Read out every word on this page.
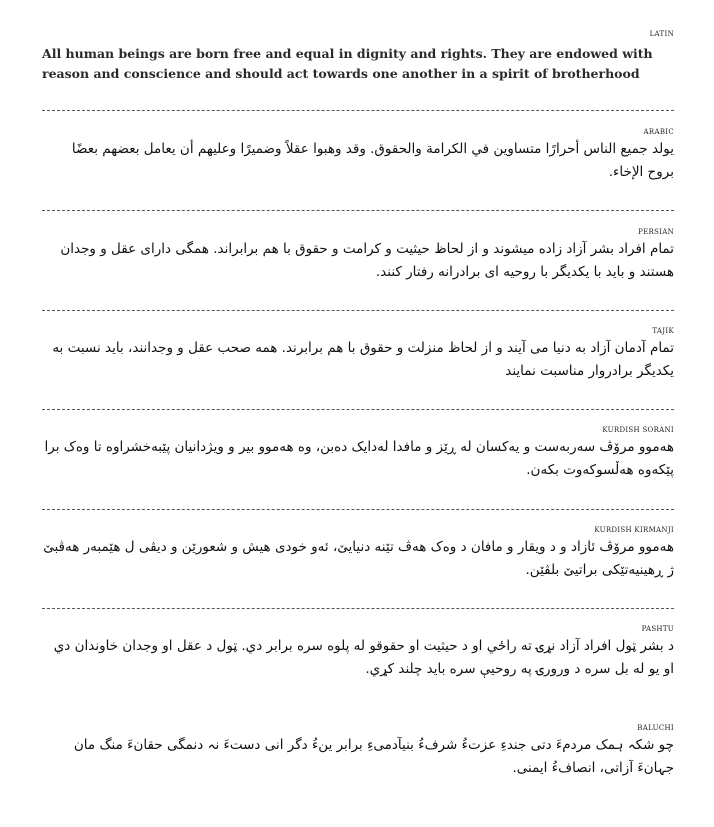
LATIN
All human beings are born free and equal in dignity and rights. They are endowed with reason and conscience and should act towards one another in a spirit of brotherhood
ARABIC
يولد جميع الناس أحرارًا متساوين في الكرامة والحقوق. وقد وهبوا عقلاً وضميرًا وعليهم أن يعامل بعضهم بعضًا بروح الإخاء.
PERSIAN
تمام افراد بشر آزاد زاده میشوند و از لحاظ حیثیت و کرامت و حقوق با هم برابراند. همگی دارای عقل و وجدان هستند و باید با یکدیگر با روحیه ای برادرانه رفتار کنند.
TAJIK
تمام آدمان آزاد به دنیا می آیند و از لحاظ منزلت و حقوق با هم برابرند. همه صحب عقل و وجدانند، باید نسبت به یکدیگر برادروار مناسبت نمایند
KURDISH SORANI
هەموو مرۆڤ سەربەست و یەکسان لە ڕێز و مافدا لەدایک دەبن، وە هەموو بیر و ویژدانیان پێبەخشراوە تا وەک برا پێکەوە هەڵسوکەوت بکەن.
KURDISH KIRMANJI
هەموو مرۆڤ ئازاد و د ویقار و مافان د وەک هەڤ تێنە دنیایێ، ئەو خودی هیش و شعورێن و دیڤی ل هێمبەر هەڤبێ ژ ڕهینیەتێکی براتیێ بلڤێن.
PASHTU
د بشر ټول افراد آزاد نړۍ ته راځي او د حیثیت او حقوقو له پلوه سره برابر دي. ټول د عقل او وجدان خاوندان دي او يو له بل سره د ورورۍ په روحیې سره باید چلند کړي.
BALUCHI
چو شکہ ہمک مردمءَ دتی جندءِ عزتءُ شرفءُ بنیآدمیءِ برابر ینءُ دگر انی دستءَ نہ دنمگی حقانءَ منگ مان جہانءَ آزاتی، انصافءُ ایمنی.
